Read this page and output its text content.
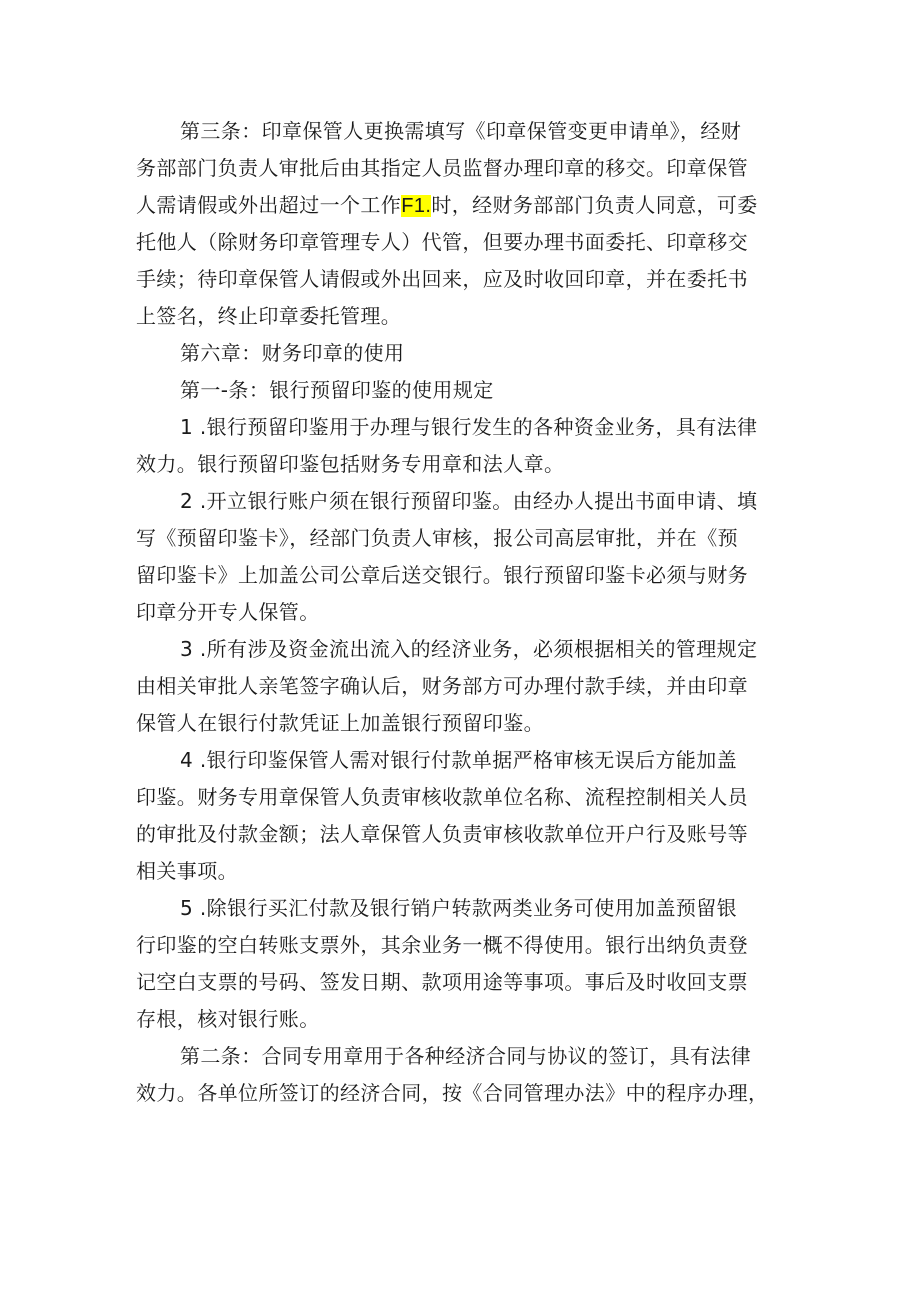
第三条：印章保管人更换需填写《印章保管变更申请单》，经财
务部部门负责人审批后由其指定人员监督办理印章的移交。印章保管
人需请假或外出超过一个工作F1.时，经财务部部门负责人同意，可委
托他人（除财务印章管理专人）代管，但要办理书面委托、印章移交
手续；待印章保管人请假或外出回来，应及时收回印章，并在委托书
上签名，终止印章委托管理。
第六章：财务印章的使用
第一-条：银行预留印鉴的使用规定
1 .银行预留印鉴用于办理与银行发生的各种资金业务，具有法律
效力。银行预留印鉴包括财务专用章和法人章。
2 .开立银行账户须在银行预留印鉴。由经办人提出书面申请、填
写《预留印鉴卡》，经部门负责人审核，报公司高层审批，并在《预
留印鉴卡》上加盖公司公章后送交银行。银行预留印鉴卡必须与财务
印章分开专人保管。
3 .所有涉及资金流出流入的经济业务，必须根据相关的管理规定
由相关审批人亲笔签字确认后，财务部方可办理付款手续，并由印章
保管人在银行付款凭证上加盖银行预留印鉴。
4 .银行印鉴保管人需对银行付款单据严格审核无误后方能加盖
印鉴。财务专用章保管人负责审核收款单位名称、流程控制相关人员
的审批及付款金额；法人章保管人负责审核收款单位开户行及账号等
相关事项。
5 .除银行买汇付款及银行销户转款两类业务可使用加盖预留银
行印鉴的空白转账支票外，其余业务一概不得使用。银行出纳负责登
记空白支票的号码、签发日期、款项用途等事项。事后及时收回支票
存根，核对银行账。
第二条：合同专用章用于各种经济合同与协议的签订，具有法律
效力。各单位所签订的经济合同，按《合同管理办法》中的程序办理，
